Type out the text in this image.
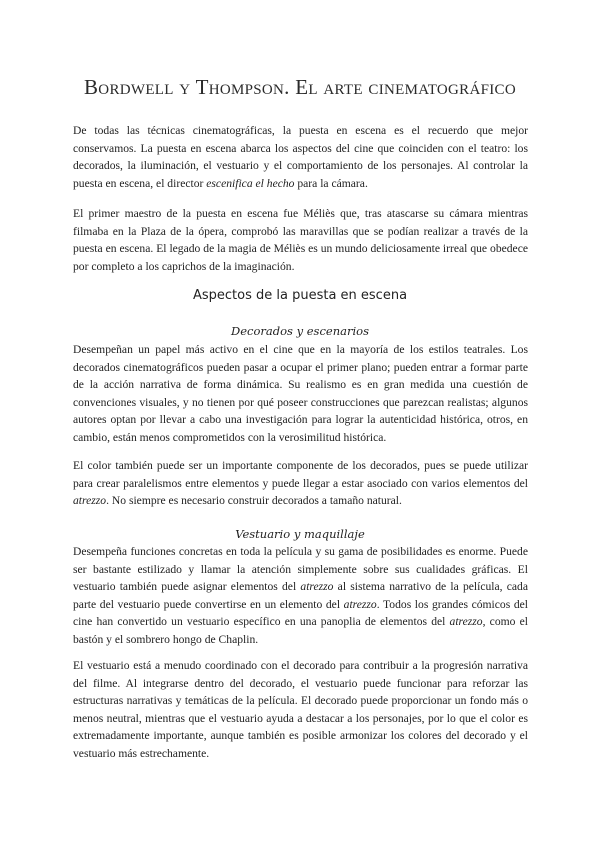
Bordwell y Thompson. El arte cinematográfico

De todas las técnicas cinematográficas, la puesta en escena es el recuerdo que mejor conservamos. La puesta en escena abarca los aspectos del cine que coinciden con el teatro: los decorados, la iluminación, el vestuario y el comportamiento de los personajes. Al controlar la puesta en escena, el director escenifica el hecho para la cámara.

El primer maestro de la puesta en escena fue Méliès que, tras atascarse su cámara mientras filmaba en la Plaza de la ópera, comprobó las maravillas que se podían realizar a través de la puesta en escena. El legado de la magia de Méliès es un mundo deliciosamente irreal que obedece por completo a los caprichos de la imaginación.

Aspectos de la puesta en escena
Decorados y escenarios

Desempeñan un papel más activo en el cine que en la mayoría de los estilos teatrales. Los decorados cinematográficos pueden pasar a ocupar el primer plano; pueden entrar a formar parte de la acción narrativa de forma dinámica. Su realismo es en gran medida una cuestión de convenciones visuales, y no tienen por qué poseer construcciones que parezcan realistas; algunos autores optan por llevar a cabo una investigación para lograr la autenticidad histórica, otros, en cambio, están menos comprometidos con la verosimilitud histórica.

El color también puede ser un importante componente de los decorados, pues se puede utilizar para crear paralelismos entre elementos y puede llegar a estar asociado con varios elementos del atrezzo. No siempre es necesario construir decorados a tamaño natural.

Vestuario y maquillaje

Desempeña funciones concretas en toda la película y su gama de posibilidades es enorme. Puede ser bastante estilizado y llamar la atención simplemente sobre sus cualidades gráficas. El vestuario también puede asignar elementos del atrezzo al sistema narrativo de la película, cada parte del vestuario puede convertirse en un elemento del atrezzo. Todos los grandes cómicos del cine han convertido un vestuario específico en una panoplia de elementos del atrezzo, como el bastón y el sombrero hongo de Chaplin.

El vestuario está a menudo coordinado con el decorado para contribuir a la progresión narrativa del filme. Al integrarse dentro del decorado, el vestuario puede funcionar para reforzar las estructuras narrativas y temáticas de la película. El decorado puede proporcionar un fondo más o menos neutral, mientras que el vestuario ayuda a destacar a los personajes, por lo que el color es extremadamente importante, aunque también es posible armonizar los colores del decorado y el vestuario más estrechamente.
